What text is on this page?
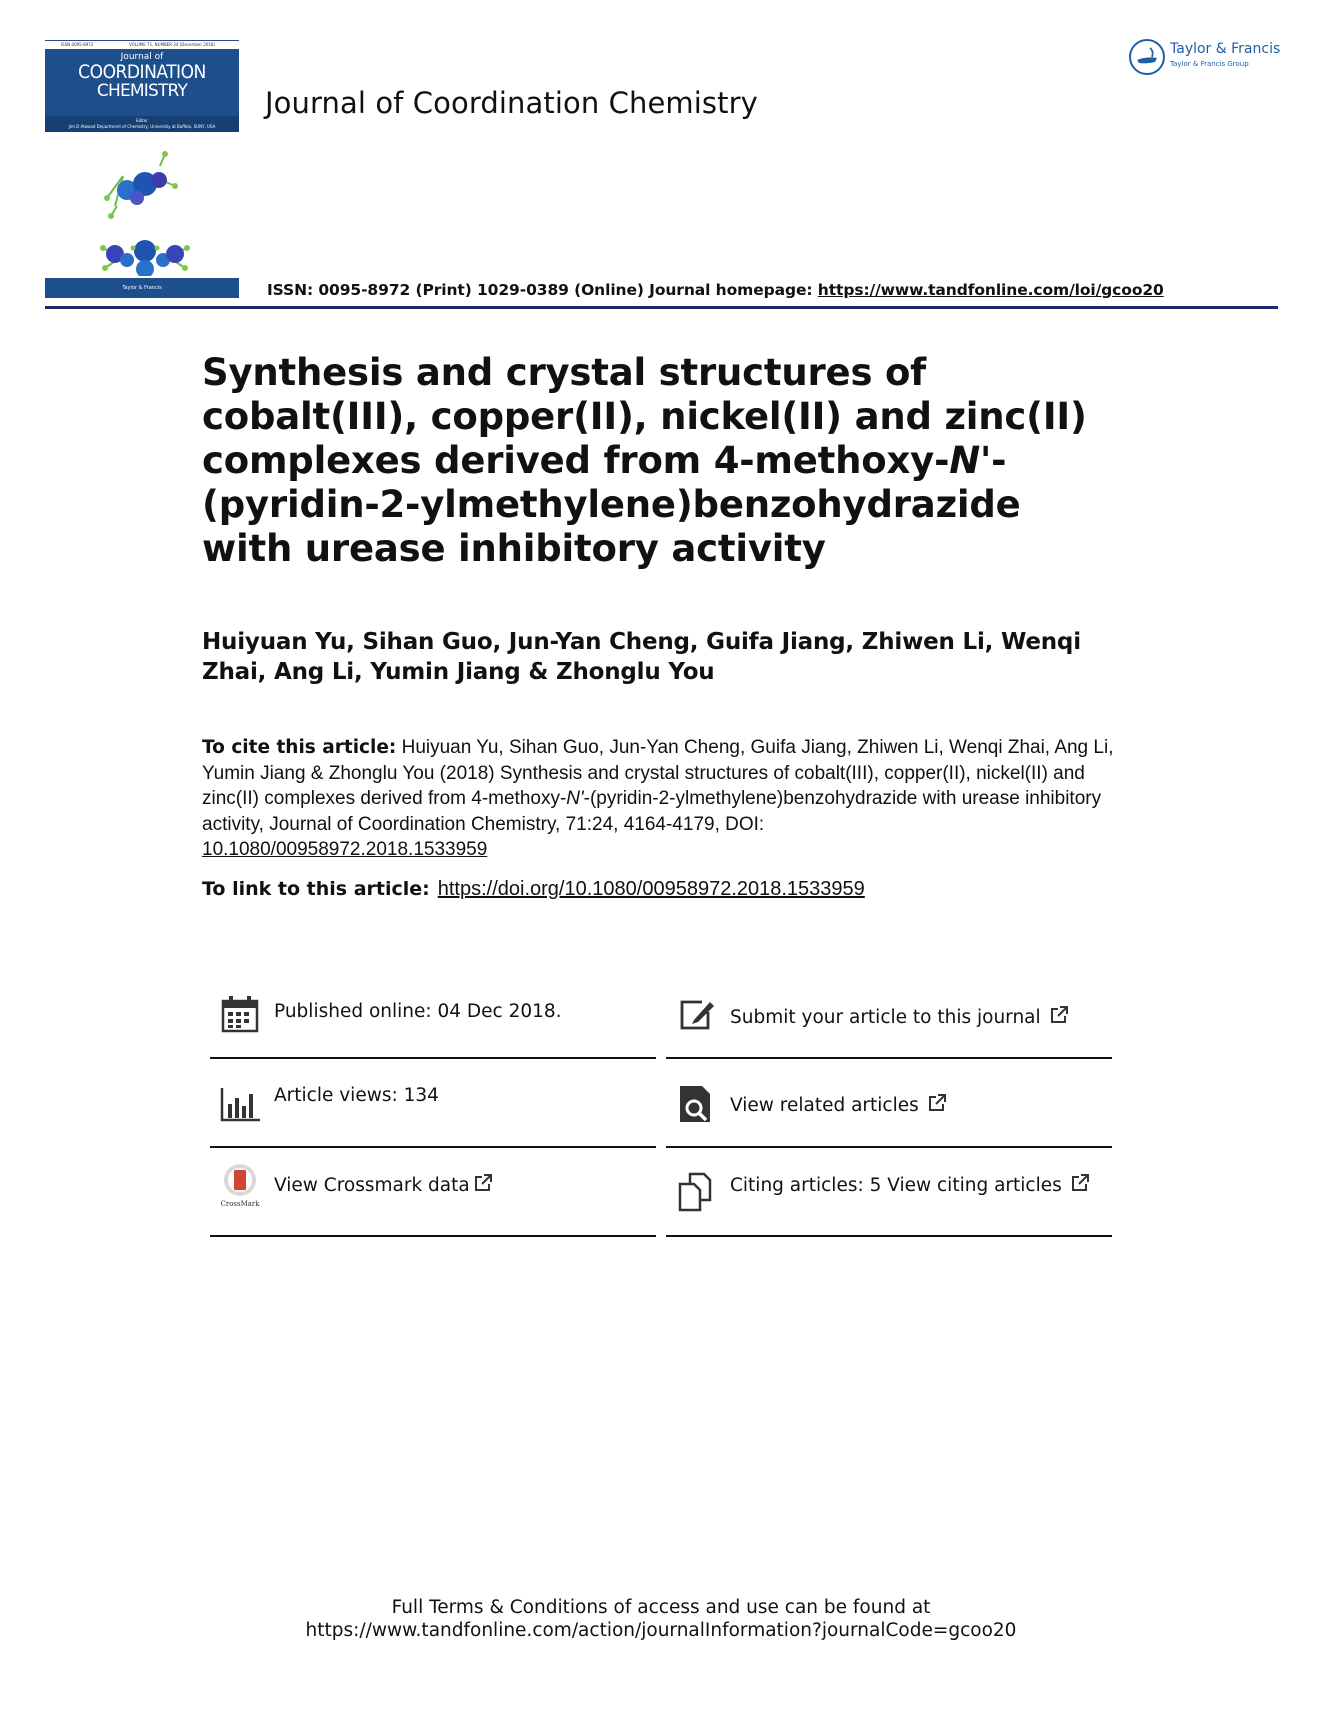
ISSN 0095-8972	VOLUME 71, NUMBER 24 (December 2018)
Journal of
COORDINATION
CHEMISTRY
Editor
Jim D Atwood Department of Chemistry, University at Buffalo, SUNY, USA
Taylor & Francis
Journal of Coordination Chemistry
Taylor & Francis
Taylor & Francis Group
ISSN: 0095-8972 (Print) 1029-0389 (Online) Journal homepage: https://www.tandfonline.com/loi/gcoo20
Synthesis and crystal structures of cobalt(III), copper(II), nickel(II) and zinc(II) complexes derived from 4-methoxy-N'-(pyridin-2-ylmethylene)benzohydrazide with urease inhibitory activity
Huiyuan Yu, Sihan Guo, Jun-Yan Cheng, Guifa Jiang, Zhiwen Li, Wenqi Zhai, Ang Li, Yumin Jiang & Zhonglu You
To cite this article: Huiyuan Yu, Sihan Guo, Jun-Yan Cheng, Guifa Jiang, Zhiwen Li, Wenqi Zhai, Ang Li, Yumin Jiang & Zhonglu You (2018) Synthesis and crystal structures of cobalt(III), copper(II), nickel(II) and zinc(II) complexes derived from 4-methoxy-N'-(pyridin-2-ylmethylene)benzohydrazide with urease inhibitory activity, Journal of Coordination Chemistry, 71:24, 4164-4179, DOI:
10.1080/00958972.2018.1533959
To link to this article: https://doi.org/10.1080/00958972.2018.1533959
Published online: 04 Dec 2018.	Submit your article to this journal
Article views: 134	View related articles
CrossMark
View Crossmark data	Citing articles: 5 View citing articles
Full Terms & Conditions of access and use can be found at
https://www.tandfonline.com/action/journalInformation?journalCode=gcoo20
